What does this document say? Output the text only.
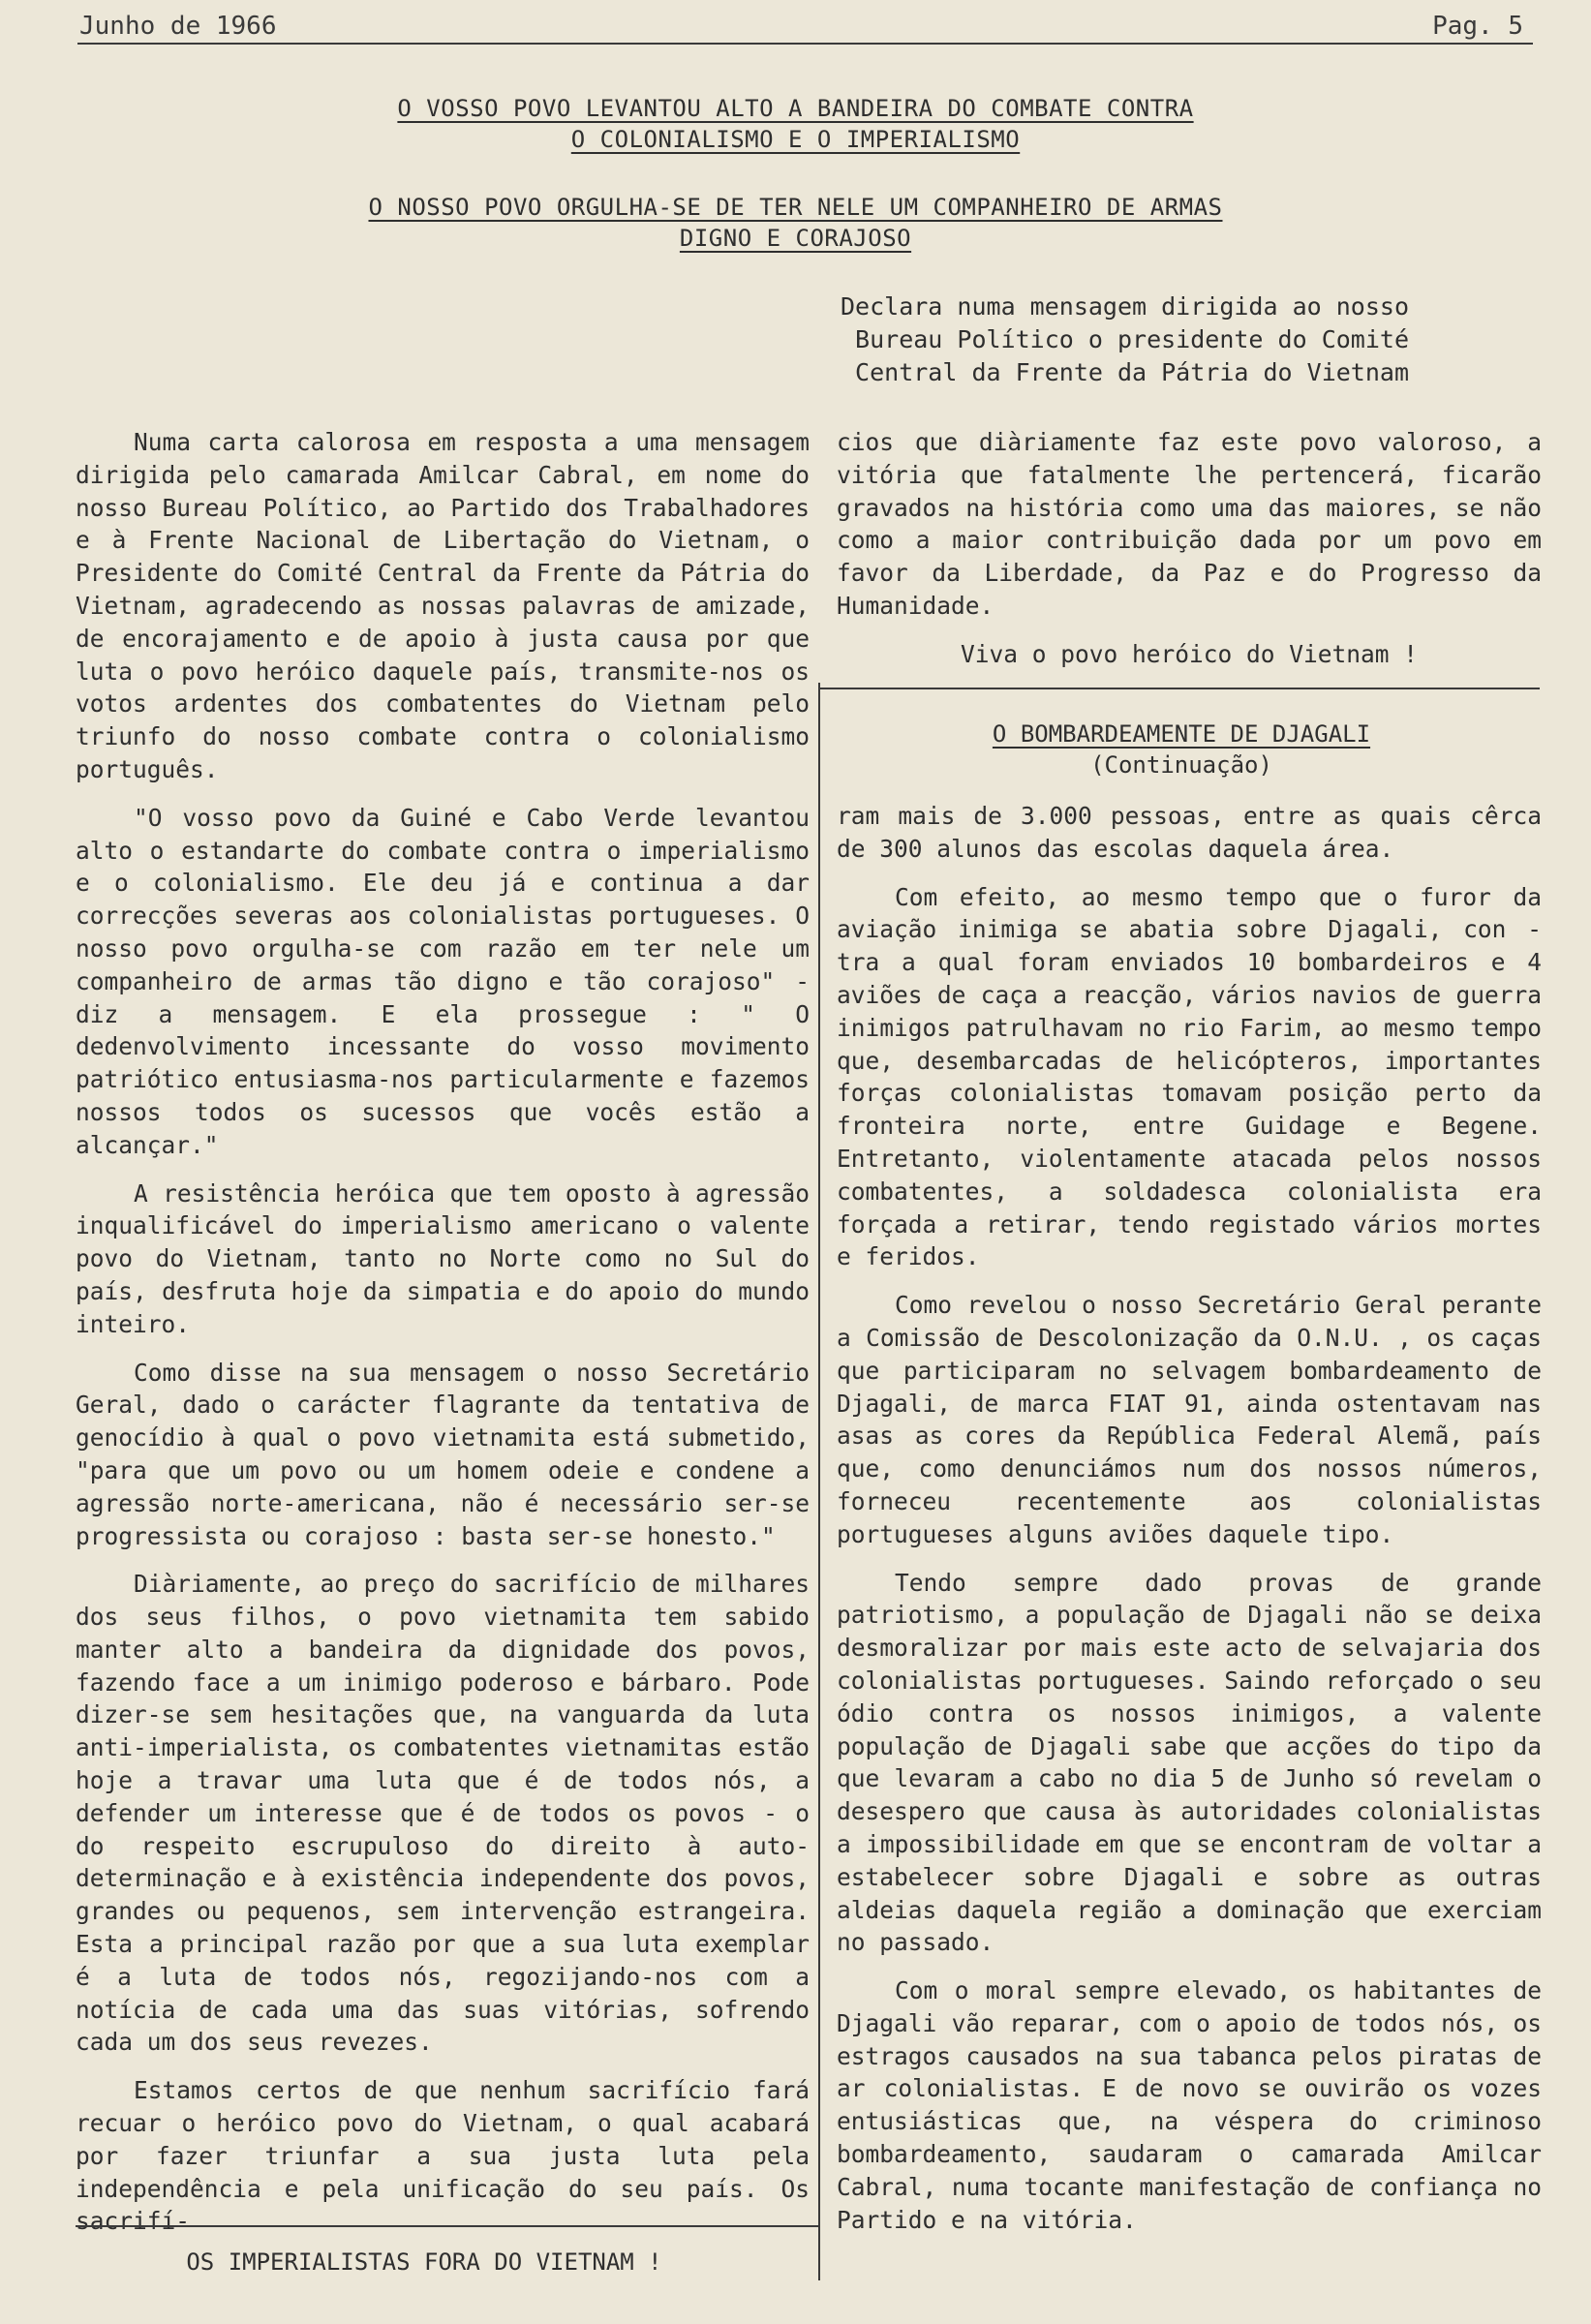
Junho de 1966	Pag. 5
O VOSSO POVO LEVANTOU ALTO A BANDEIRA DO COMBATE CONTRA
O COLONIALISMO E O IMPERIALISMO
O NOSSO POVO ORGULHA-SE DE TER NELE UM COMPANHEIRO DE ARMAS
DIGNO E CORAJOSO
Declara numa mensagem dirigida ao nosso
Bureau Político o presidente do Comité
Central da Frente da Pátria do Vietnam

Numa carta calorosa em resposta a uma mensagem dirigida pelo camarada Amilcar Cabral, em nome do nosso Bureau Político, ao Partido dos Trabalhadores e à Frente Nacional de Libertação do Vietnam, o Presidente do Comité Central da Frente da Pátria do Vietnam, agradecendo as nossas palavras de amizade, de encorajamento e de apoio à justa causa por que luta o povo heróico daquele país, transmite-nos os votos ardentes dos combatentes do Vietnam pelo triunfo do nosso combate contra o colonialismo português.

"O vosso povo da Guiné e Cabo Verde levantou alto o estandarte do combate contra o imperialismo e o colonialismo. Ele deu já e continua a dar correcções severas aos colonialistas portugueses. O nosso povo orgulha-se com razão em ter nele um companheiro de armas tão digno e tão corajoso" - diz a mensagem. E ela prossegue : " O dedenvolvimento incessante do vosso movimento patriótico entusiasma-nos particularmente e fazemos nossos todos os sucessos que vocês estão a alcançar."

A resistência heróica que tem oposto à agressão inqualificável do imperialismo americano o valente povo do Vietnam, tanto no Norte como no Sul do país, desfruta hoje da simpatia e do apoio do mundo inteiro.

Como disse na sua mensagem o nosso Secretário Geral, dado o carácter flagrante da tentativa de genocídio à qual o povo vietnamita está submetido, "para que um povo ou um homem odeie e condene a agressão norte-americana, não é necessário ser-se progressista ou corajoso : basta ser-se honesto."

Diàriamente, ao preço do sacrifício de milhares dos seus filhos, o povo vietnamita tem sabido manter alto a bandeira da dignidade dos povos, fazendo face a um inimigo poderoso e bárbaro. Pode dizer-se sem hesitações que, na vanguarda da luta anti-imperialista, os combatentes vietnamitas estão hoje a travar uma luta que é de todos nós, a defender um interesse que é de todos os povos - o do respeito escrupuloso do direito à auto-determinação e à existência independente dos povos, grandes ou pequenos, sem intervenção estrangeira. Esta a principal razão por que a sua luta exemplar é a luta de todos nós, regozijando-nos com a notícia de cada uma das suas vitórias, sofrendo cada um dos seus revezes.

Estamos certos de que nenhum sacrifício fará recuar o heróico povo do Vietnam, o qual acabará por fazer triunfar a sua justa luta pela independência e pela unificação do seu país. Os sacrifí-

cios que diàriamente faz este povo valoroso, a vitória que fatalmente lhe pertencerá, ficarão gravados na história como uma das maiores, se não como a maior contribuição dada por um povo em favor da Liberdade, da Paz e do Progresso da Humanidade.

Viva o povo heróico do Vietnam !

O BOMBARDEAMENTE DE DJAGALI
(Continuação)

ram mais de 3.000 pessoas, entre as quais cêrca de 300 alunos das escolas daquela área.

Com efeito, ao mesmo tempo que o furor da aviação inimiga se abatia sobre Djagali, con - tra a qual foram enviados 10 bombardeiros e 4 aviões de caça a reacção, vários navios de guerra inimigos patrulhavam no rio Farim, ao mesmo tempo que, desembarcadas de helicópteros, importantes forças colonialistas tomavam posição perto da fronteira norte, entre Guidage e Begene. Entretanto, violentamente atacada pelos nossos combatentes, a soldadesca colonialista era forçada a retirar, tendo registado vários mortes e feridos.

Como revelou o nosso Secretário Geral perante a Comissão de Descolonização da O.N.U. , os caças que participaram no selvagem bombardeamento de Djagali, de marca FIAT 91, ainda ostentavam nas asas as cores da República Federal Alemã, país que, como denunciámos num dos nossos números, forneceu recentemente aos colonialistas portugueses alguns aviões daquele tipo.

Tendo sempre dado provas de grande patriotismo, a população de Djagali não se deixa desmoralizar por mais este acto de selvajaria dos colonialistas portugueses. Saindo reforçado o seu ódio contra os nossos inimigos, a valente população de Djagali sabe que acções do tipo da que levaram a cabo no dia 5 de Junho só revelam o desespero que causa às autoridades colonialistas a impossibilidade em que se encontram de voltar a estabelecer sobre Djagali e sobre as outras aldeias daquela região a dominação que exerciam no passado.

Com o moral sempre elevado, os habitantes de Djagali vão reparar, com o apoio de todos nós, os estragos causados na sua tabanca pelos piratas de ar colonialistas. E de novo se ouvirão os vozes entusiásticas que, na véspera do criminoso bombardeamento, saudaram o camarada Amilcar Cabral, numa tocante manifestação de confiança no Partido e na vitória.

OS IMPERIALISTAS FORA DO VIETNAM !
